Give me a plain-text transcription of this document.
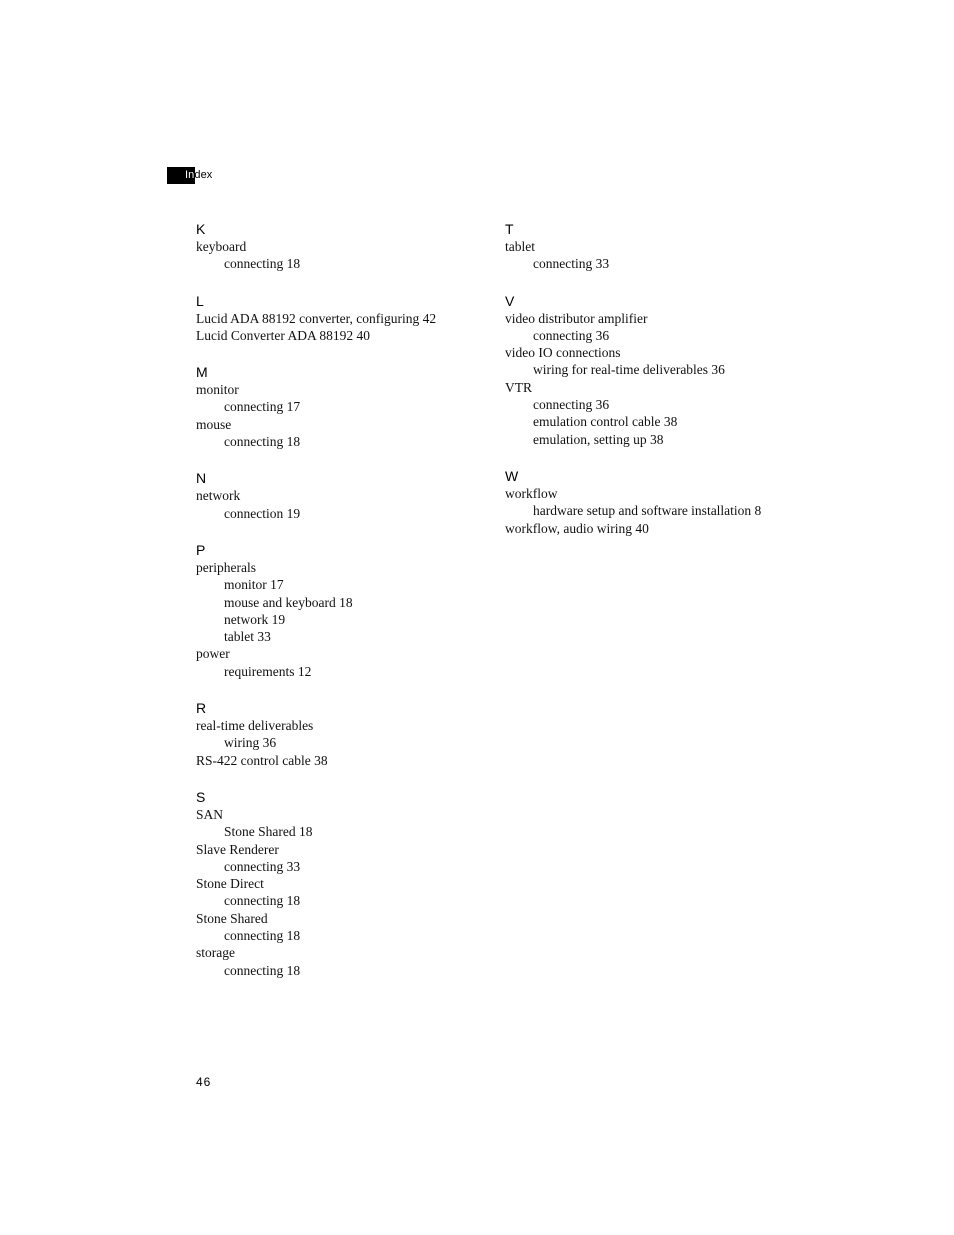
Index
K
keyboard
connecting 18
L
Lucid ADA 88192 converter, configuring 42
Lucid Converter ADA 88192 40
M
monitor
connecting 17
mouse
connecting 18
N
network
connection 19
P
peripherals
monitor 17
mouse and keyboard 18
network 19
tablet 33
power
requirements 12
R
real-time deliverables
wiring 36
RS-422 control cable 38
S
SAN
Stone Shared 18
Slave Renderer
connecting 33
Stone Direct
connecting 18
Stone Shared
connecting 18
storage
connecting 18
T
tablet
connecting 33
V
video distributor amplifier
connecting 36
video IO connections
wiring for real-time deliverables 36
VTR
connecting 36
emulation control cable 38
emulation, setting up 38
W
workflow
hardware setup and software installation 8
workflow, audio wiring 40
46
